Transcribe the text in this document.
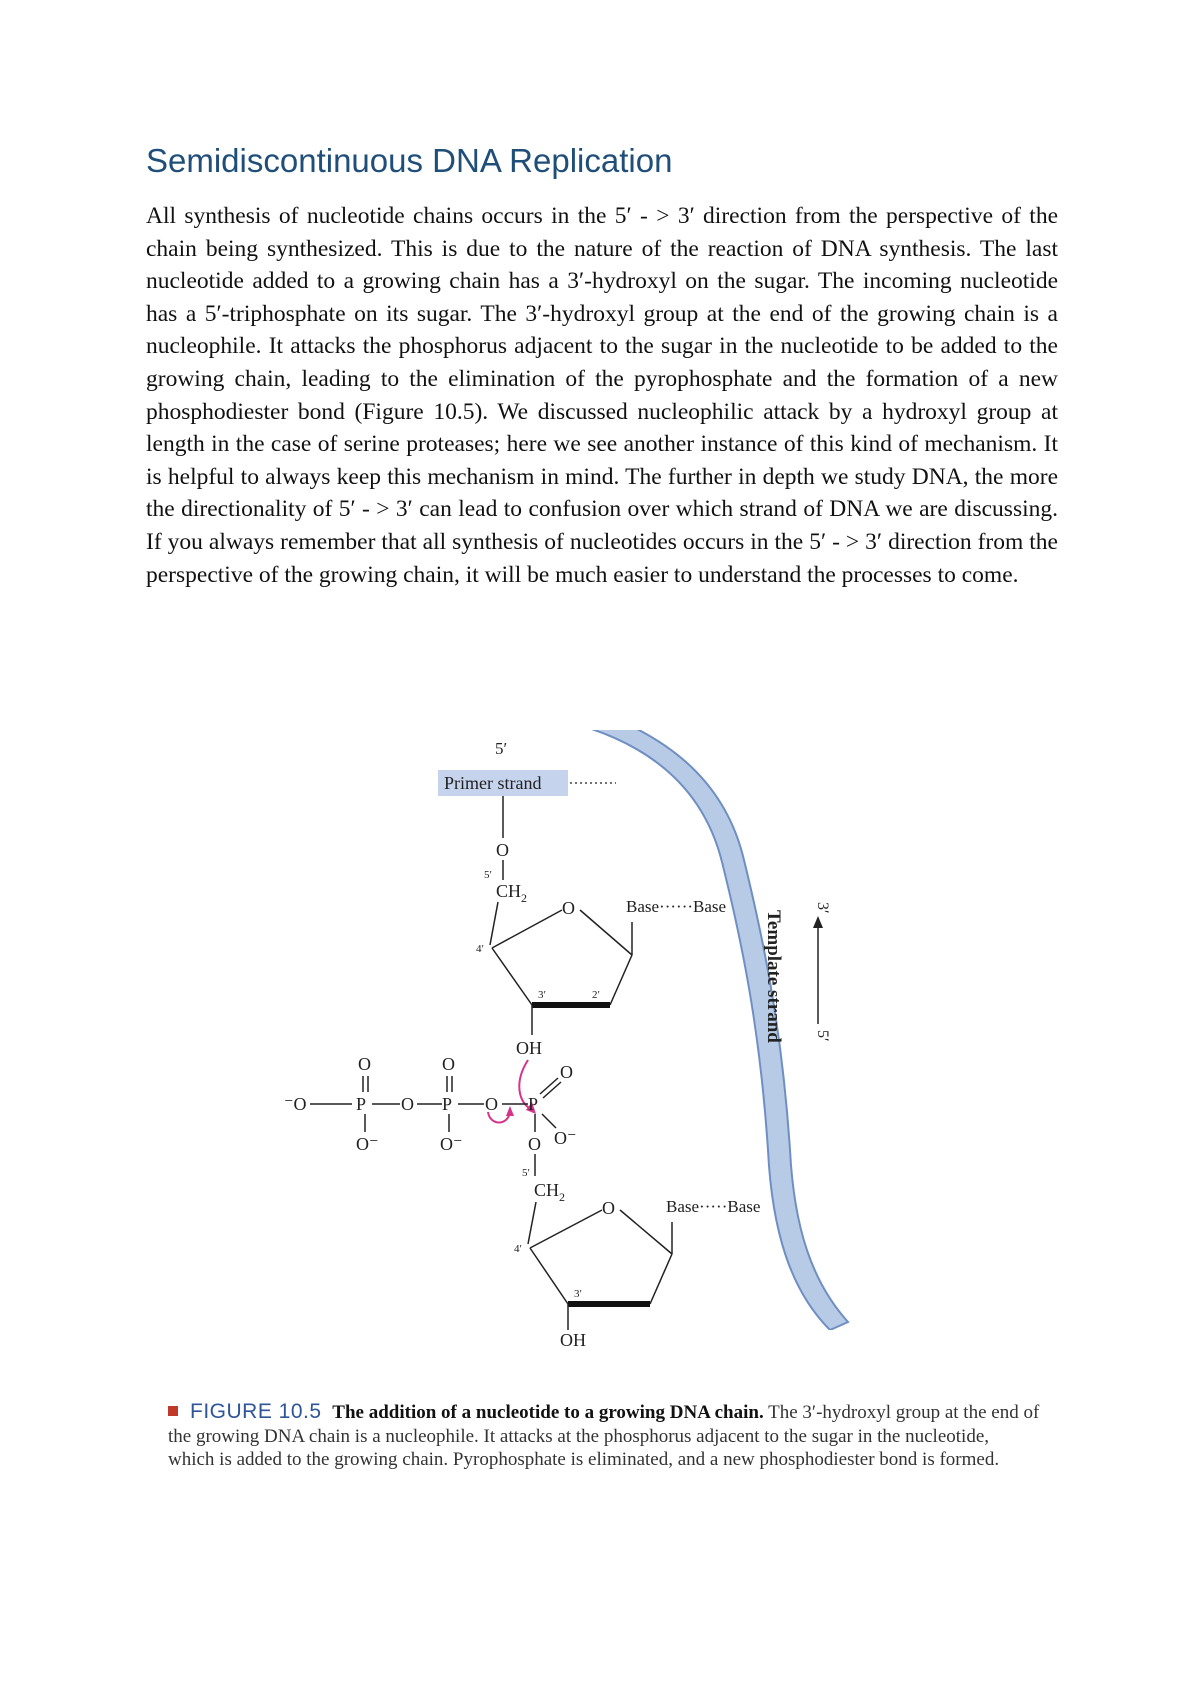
Semidiscontinuous DNA Replication

All synthesis of nucleotide chains occurs in the 5′ - > 3′ direction from the perspective of the chain being synthesized. This is due to the nature of the reaction of DNA synthesis. The last nucleotide added to a growing chain has a 3′-hydroxyl on the sugar. The incoming nucleotide has a 5′-triphosphate on its sugar. The 3′-hydroxyl group at the end of the growing chain is a nucleophile. It attacks the phosphorus adjacent to the sugar in the nucleotide to be added to the growing chain, leading to the elimination of the pyrophosphate and the formation of a new phosphodiester bond (Figure 10.5). We discussed nucleophilic attack by a hydroxyl group at length in the case of serine proteases; here we see another instance of this kind of mechanism. It is helpful to always keep this mechanism in mind. The further in depth we study DNA, the more the directionality of 5′ - > 3′ can lead to confusion over which strand of DNA we are discussing. If you always remember that all synthesis of nucleotides occurs in the 5′ - > 3′ direction from the perspective of the growing chain, it will be much easier to understand the processes to come.

Template strand
3′
5′
5′
Primer strand
O
5′
$CH_2$
4′
O
3′	2′
Base······Base
OH
O
⁻O	P
O⁻
O
O
P
O⁻
O P
O
O⁻
O
5′
$CH_2$
4′
O
3′
Base·····Base
OH

FIGURE 10.5 The addition of a nucleotide to a growing DNA chain. The 3′-hydroxyl group at the end of the growing DNA chain is a nucleophile. It attacks at the phosphorus adjacent to the sugar in the nucleotide, which is added to the growing chain. Pyrophosphate is eliminated, and a new phosphodiester bond is formed.
